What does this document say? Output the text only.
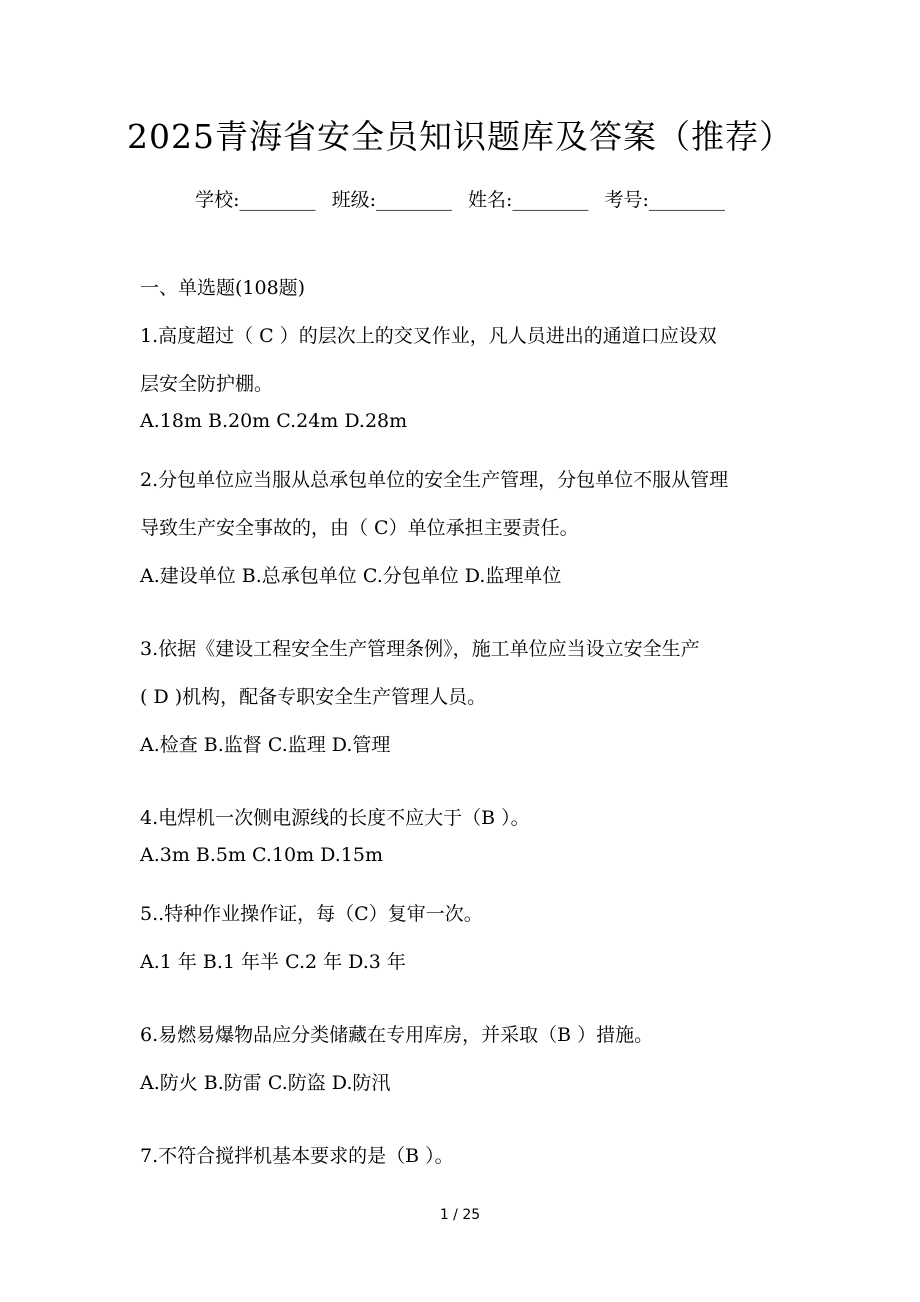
2025青海省安全员知识题库及答案（推荐）
学校:________ 班级:________ 姓名:________ 考号:________
一、单选题(108题)
1.高度超过（ C ）的层次上的交叉作业，凡人员进出的通道口应设双
层安全防护棚。
A.18m B.20m C.24m D.28m
2.分包单位应当服从总承包单位的安全生产管理，分包单位不服从管理
导致生产安全事故的，由（ C）单位承担主要责任。
A.建设单位 B.总承包单位 C.分包单位 D.监理单位
3.依据《建设工程安全生产管理条例》，施工单位应当设立安全生产
( D )机构，配备专职安全生产管理人员。
A.检查 B.监督 C.监理 D.管理
4.电焊机一次侧电源线的长度不应大于（B ）。
A.3m B.5m C.10m D.15m
5..特种作业操作证，每（C）复审一次。
A.1 年 B.1 年半 C.2 年 D.3 年
6.易燃易爆物品应分类储藏在专用库房，并采取（B ）措施。
A.防火 B.防雷 C.防盗 D.防汛
7.不符合搅拌机基本要求的是（B ）。
1 / 25
